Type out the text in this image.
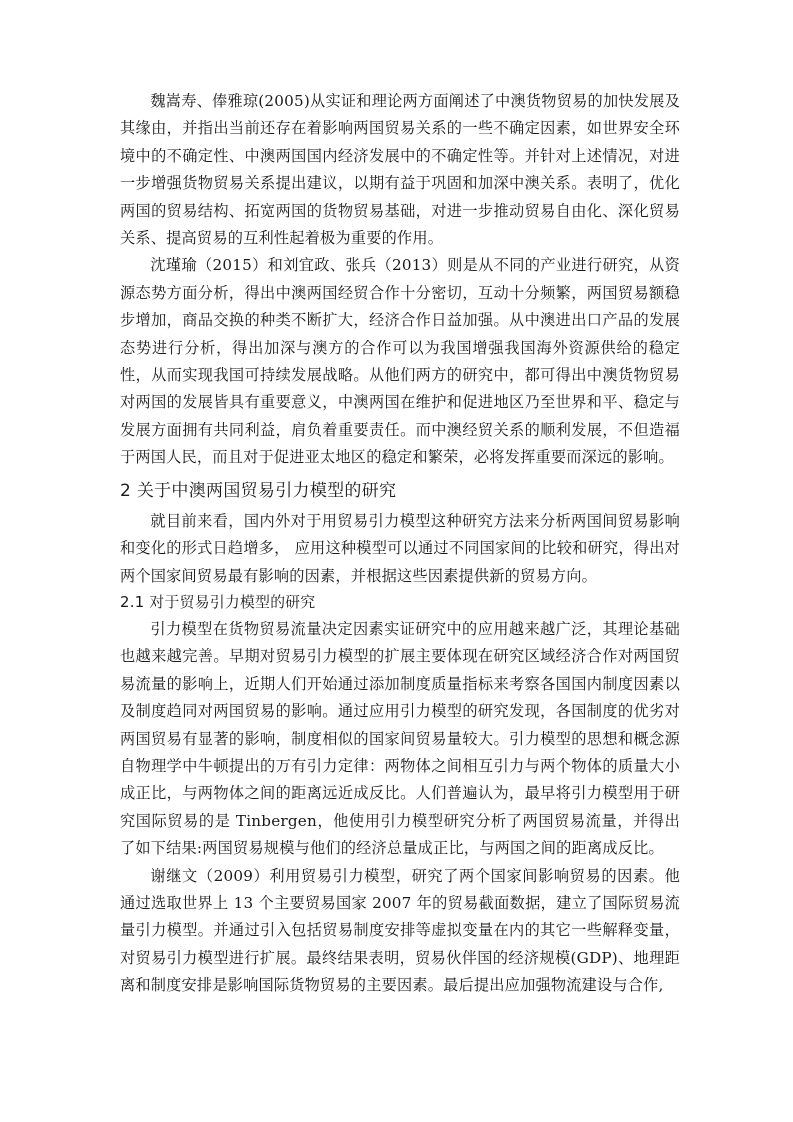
魏嵩寿、俸雅琼(2005)从实证和理论两方面阐述了中澳货物贸易的加快发展及其缘由，并指出当前还存在着影响两国贸易关系的一些不确定因素，如世界安全环境中的不确定性、中澳两国国内经济发展中的不确定性等。并针对上述情况，对进一步增强货物贸易关系提出建议，以期有益于巩固和加深中澳关系。表明了，优化两国的贸易结构、拓宽两国的货物贸易基础，对进一步推动贸易自由化、深化贸易关系、提高贸易的互利性起着极为重要的作用。

沈瑾瑜（2015）和刘宜政、张兵（2013）则是从不同的产业进行研究，从资源态势方面分析，得出中澳两国经贸合作十分密切，互动十分频繁，两国贸易额稳步增加，商品交换的种类不断扩大，经济合作日益加强。从中澳进出口产品的发展态势进行分析，得出加深与澳方的合作可以为我国增强我国海外资源供给的稳定性，从而实现我国可持续发展战略。从他们两方的研究中，都可得出中澳货物贸易对两国的发展皆具有重要意义，中澳两国在维护和促进地区乃至世界和平、稳定与发展方面拥有共同利益，肩负着重要责任。而中澳经贸关系的顺利发展，不但造福于两国人民，而且对于促进亚太地区的稳定和繁荣，必将发挥重要而深远的影响。

2 关于中澳两国贸易引力模型的研究

就目前来看，国内外对于用贸易引力模型这种研究方法来分析两国间贸易影响和变化的形式日趋增多， 应用这种模型可以通过不同国家间的比较和研究，得出对两个国家间贸易最有影响的因素，并根据这些因素提供新的贸易方向。

2.1 对于贸易引力模型的研究

引力模型在货物贸易流量决定因素实证研究中的应用越来越广泛，其理论基础也越来越完善。早期对贸易引力模型的扩展主要体现在研究区域经济合作对两国贸易流量的影响上，近期人们开始通过添加制度质量指标来考察各国国内制度因素以及制度趋同对两国贸易的影响。通过应用引力模型的研究发现，各国制度的优劣对两国贸易有显著的影响，制度相似的国家间贸易量较大。引力模型的思想和概念源自物理学中牛顿提出的万有引力定律：两物体之间相互引力与两个物体的质量大小成正比，与两物体之间的距离远近成反比。人们普遍认为，最早将引力模型用于研究国际贸易的是 Tinbergen，他使用引力模型研究分析了两国贸易流量，并得出了如下结果:两国贸易规模与他们的经济总量成正比，与两国之间的距离成反比。

谢继文（2009）利用贸易引力模型，研究了两个国家间影响贸易的因素。他通过选取世界上 13 个主要贸易国家 2007 年的贸易截面数据，建立了国际贸易流量引力模型。并通过引入包括贸易制度安排等虚拟变量在内的其它一些解释变量，对贸易引力模型进行扩展。最终结果表明，贸易伙伴国的经济规模(GDP)、地理距离和制度安排是影响国际货物贸易的主要因素。最后提出应加强物流建设与合作,
